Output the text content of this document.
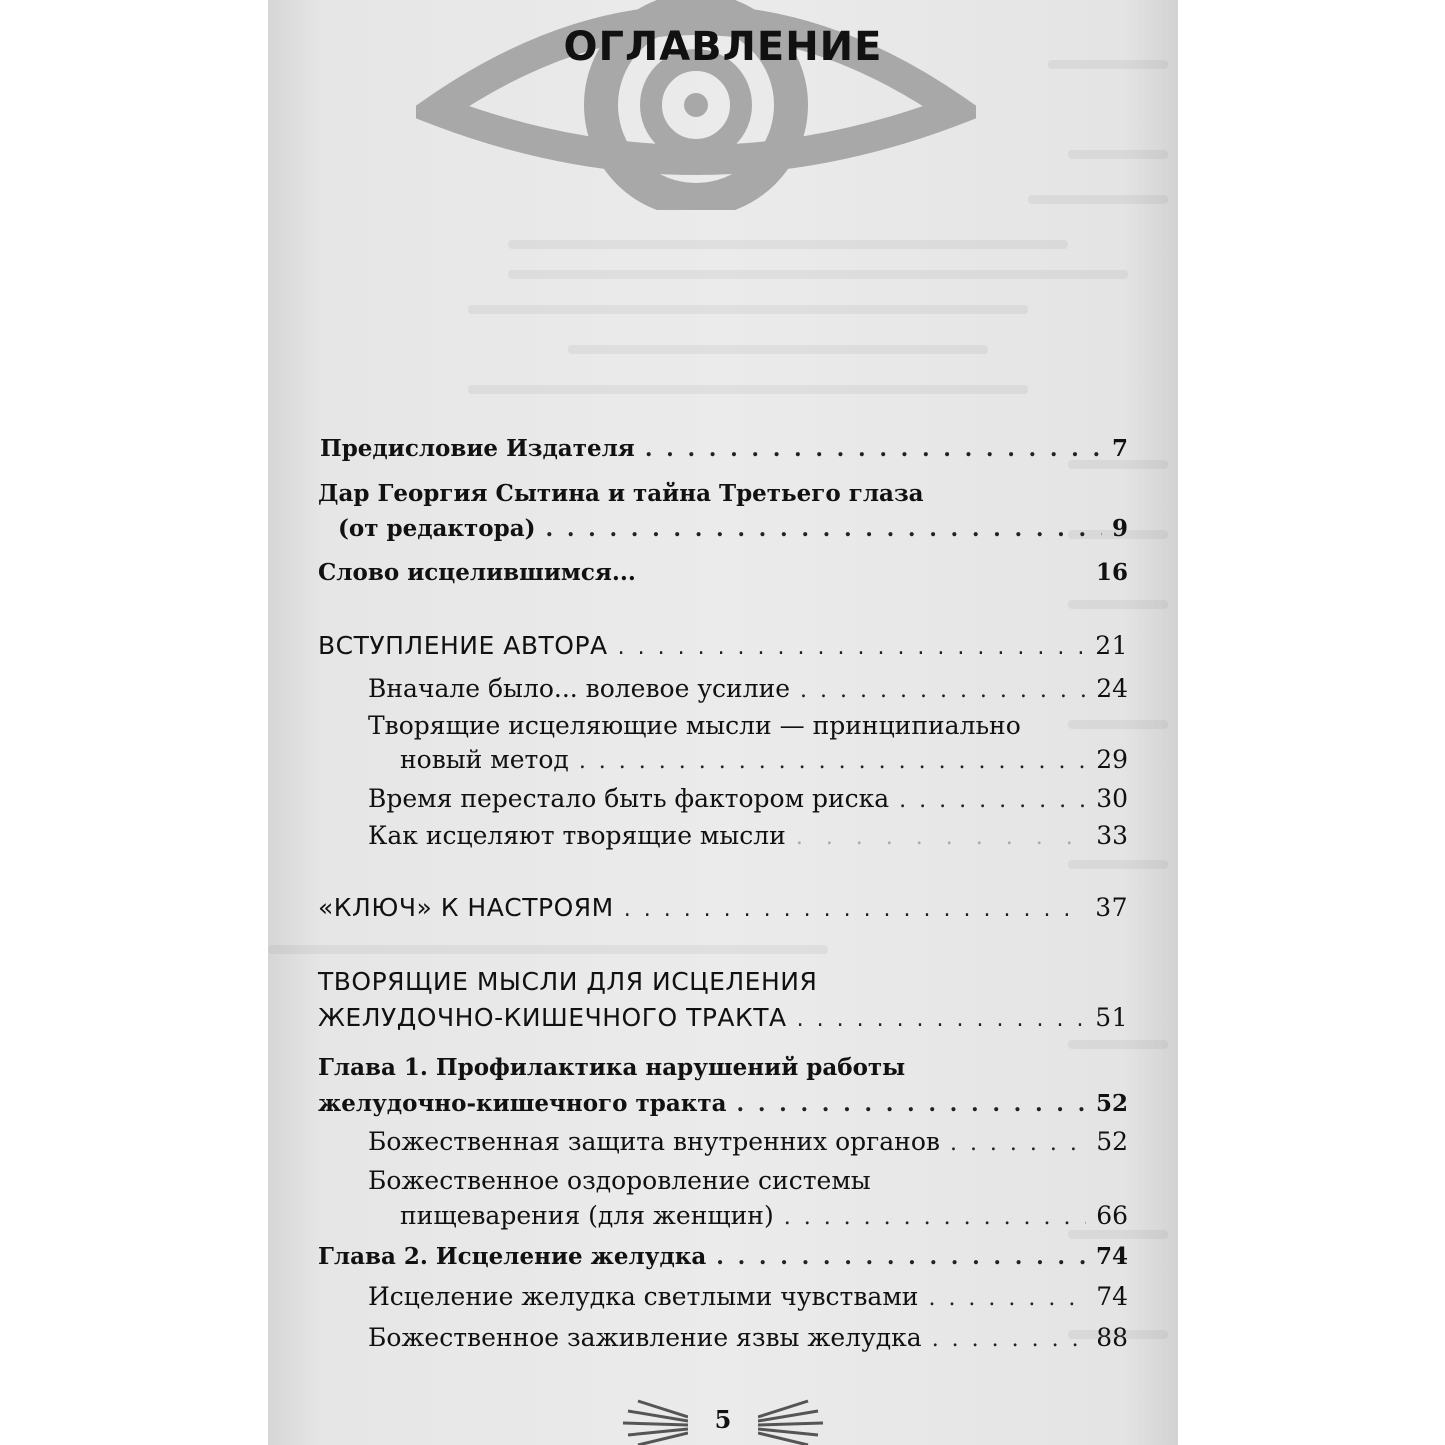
ОГЛАВЛЕНИЕ
Предисловие Издателя . . .	7
Дар Георгия Сытина и тайна Третьего глаза
(от редактора) . . .	9
Слово исцелившимся...	16
ВСТУПЛЕНИЕ АВТОРА . . .	21
Вначале было... волевое усилие . . .	24
Творящие исцеляющие мысли — принципиально
новый метод . . .	29
Время перестало быть фактором риска . . .	30
Как исцеляют творящие мысли . . .	33
«КЛЮЧ» К НАСТРОЯМ . . .	37
ТВОРЯЩИЕ МЫСЛИ ДЛЯ ИСЦЕЛЕНИЯ
ЖЕЛУДОЧНО-КИШЕЧНОГО ТРАКТА . . .	51
Глава 1. Профилактика нарушений работы
желудочно-кишечного тракта . . .	52
Божественная защита внутренних органов . . .	52
Божественное оздоровление системы
пищеварения (для женщин) . . .	66
Глава 2. Исцеление желудка . . .	74
Исцеление желудка светлыми чувствами . . .	74
Божественное заживление язвы желудка . . .	88
5
